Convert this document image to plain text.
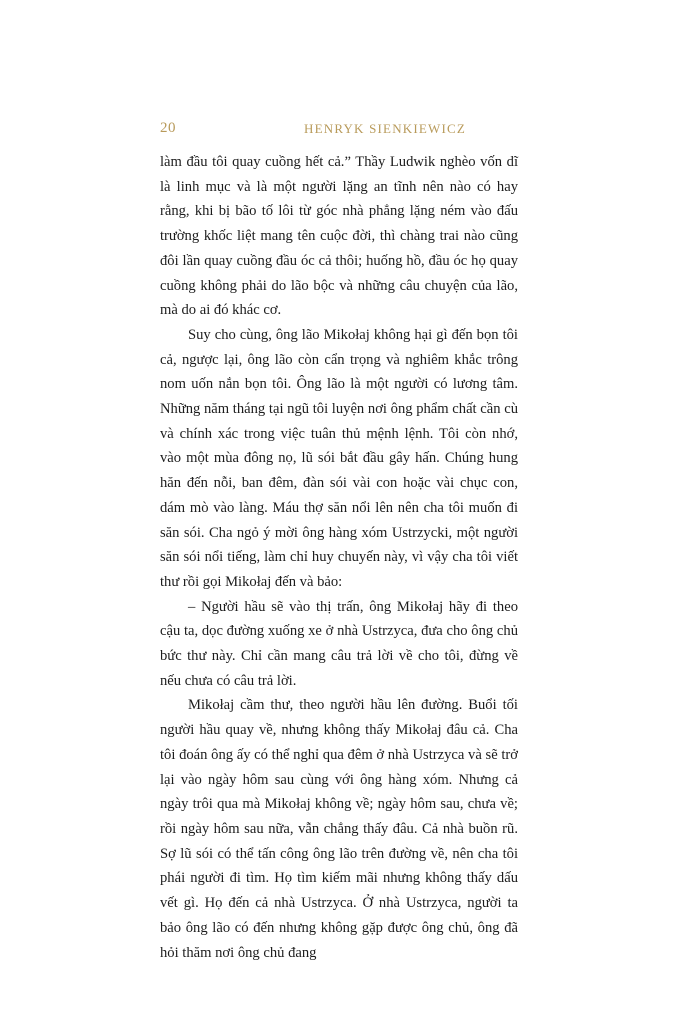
20	HENRYK SIENKIEWICZ

làm đầu tôi quay cuồng hết cả.” Thầy Ludwik nghèo vốn dĩ là linh mục và là một người lặng an tĩnh nên nào có hay rằng, khi bị bão tố lôi từ góc nhà phẳng lặng ném vào đấu trường khốc liệt mang tên cuộc đời, thì chàng trai nào cũng đôi lần quay cuồng đầu óc cả thôi; huống hồ, đầu óc họ quay cuồng không phải do lão bộc và những câu chuyện của lão, mà do ai đó khác cơ.

Suy cho cùng, ông lão Mikołaj không hại gì đến bọn tôi cả, ngược lại, ông lão còn cẩn trọng và nghiêm khắc trông nom uốn nắn bọn tôi. Ông lão là một người có lương tâm. Những năm tháng tại ngũ tôi luyện nơi ông phẩm chất cần cù và chính xác trong việc tuân thủ mệnh lệnh. Tôi còn nhớ, vào một mùa đông nọ, lũ sói bắt đầu gây hấn. Chúng hung hăn đến nỗi, ban đêm, đàn sói vài con hoặc vài chục con, dám mò vào làng. Máu thợ săn nổi lên nên cha tôi muốn đi săn sói. Cha ngỏ ý mời ông hàng xóm Ustrzycki, một người săn sói nổi tiếng, làm chỉ huy chuyến này, vì vậy cha tôi viết thư rồi gọi Mikołaj đến và bảo:

– Người hầu sẽ vào thị trấn, ông Mikołaj hãy đi theo cậu ta, dọc đường xuống xe ở nhà Ustrzyca, đưa cho ông chủ bức thư này. Chỉ cần mang câu trả lời về cho tôi, đừng về nếu chưa có câu trả lời.

Mikołaj cầm thư, theo người hầu lên đường. Buổi tối người hầu quay về, nhưng không thấy Mikołaj đâu cả. Cha tôi đoán ông ấy có thể nghỉ qua đêm ở nhà Ustrzyca và sẽ trở lại vào ngày hôm sau cùng với ông hàng xóm. Nhưng cả ngày trôi qua mà Mikołaj không về; ngày hôm sau, chưa về; rồi ngày hôm sau nữa, vẫn chẳng thấy đâu. Cả nhà buồn rũ. Sợ lũ sói có thể tấn công ông lão trên đường về, nên cha tôi phái người đi tìm. Họ tìm kiếm mãi nhưng không thấy dấu vết gì. Họ đến cả nhà Ustrzyca. Ở nhà Ustrzyca, người ta bảo ông lão có đến nhưng không gặp được ông chủ, ông đã hỏi thăm nơi ông chủ đang
